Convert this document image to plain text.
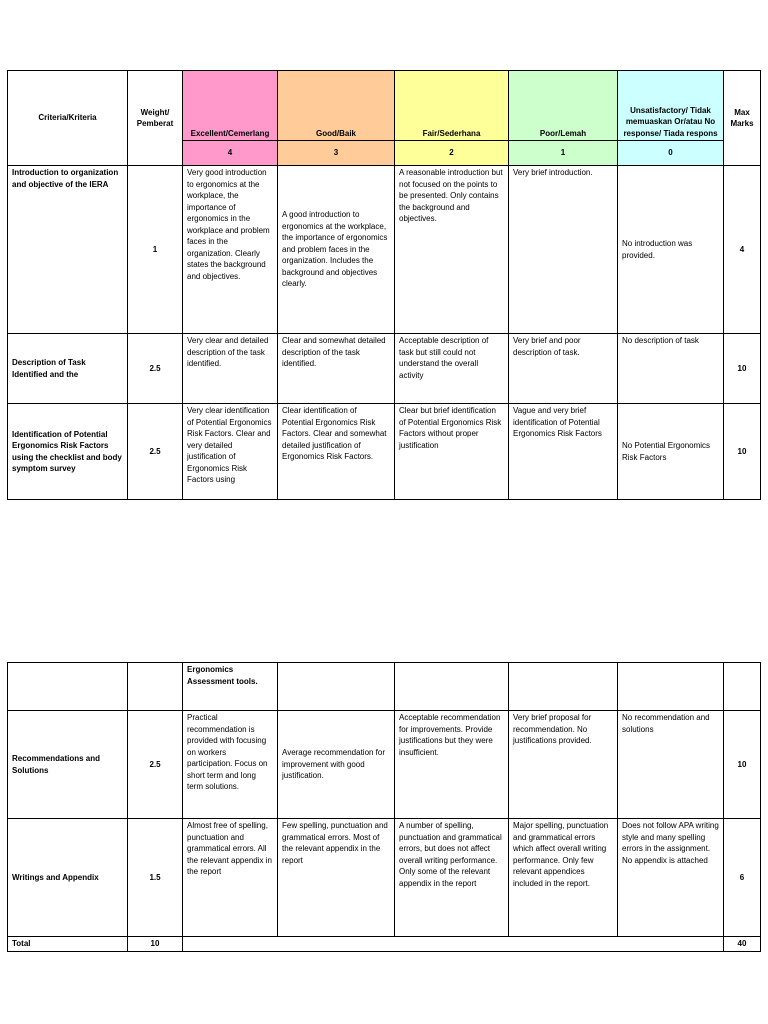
Criteria/Kriteria	Weight/ Pemberat	Excellent/Cemerlang	Good/Baik	Fair/Sederhana	Poor/Lemah	Unsatisfactory/ Tidak memuaskan Or/atau No response/ Tiada respons	Max Marks
		4	3	2	1	0	
Introduction to organization and objective of the IERA	1	Very good introduction to ergonomics at the workplace, the importance of ergonomics in the workplace and problem faces in the organization. Clearly states the background and objectives.	A good introduction to ergonomics at the workplace, the importance of ergonomics and problem faces in the organization. Includes the background and objectives clearly.	A reasonable introduction but not focused on the points to be presented. Only contains the background and objectives.	Very brief introduction.	No introduction was provided.	4
Description of Task Identified and the	2.5	Very clear and detailed description of the task identified.	Clear and somewhat detailed description of the task identified.	Acceptable description of task but still could not understand the overall activity	Very brief and poor description of task.	No description of task	10
Identification of Potential Ergonomics Risk Factors using the checklist and body symptom survey	2.5	Very clear identification of Potential Ergonomics Risk Factors. Clear and very detailed justification of Ergonomics Risk Factors using	Clear identification of Potential Ergonomics Risk Factors. Clear and somewhat detailed justification of Ergonomics Risk Factors.	Clear but brief identification of Potential Ergonomics Risk Factors without proper justification	Vague and very brief identification of Potential Ergonomics Risk Factors	No Potential Ergonomics Risk Factors	10
		Ergonomics Assessment tools.					
Recommendations and Solutions	2.5	Practical recommendation is provided with focusing on workers participation. Focus on short term and long term solutions.	Average recommendation for improvement with good justification.	Acceptable recommendation for improvements. Provide justifications but they were insufficient.	Very brief proposal for recommendation. No justifications provided.	No recommendation and solutions	10
Writings and Appendix	1.5	Almost free of spelling, punctuation and grammatical errors. All the relevant appendix in the report	Few spelling, punctuation and grammatical errors. Most of the relevant appendix in the report	A number of spelling, punctuation and grammatical errors, but does not affect overall writing performance. Only some of the relevant appendix in the report	Major spelling, punctuation and grammatical errors which affect overall writing performance. Only few relevant appendices included in the report.	Does not follow APA writing style and many spelling errors in the assignment. No appendix is attached	6
Total	10						40
